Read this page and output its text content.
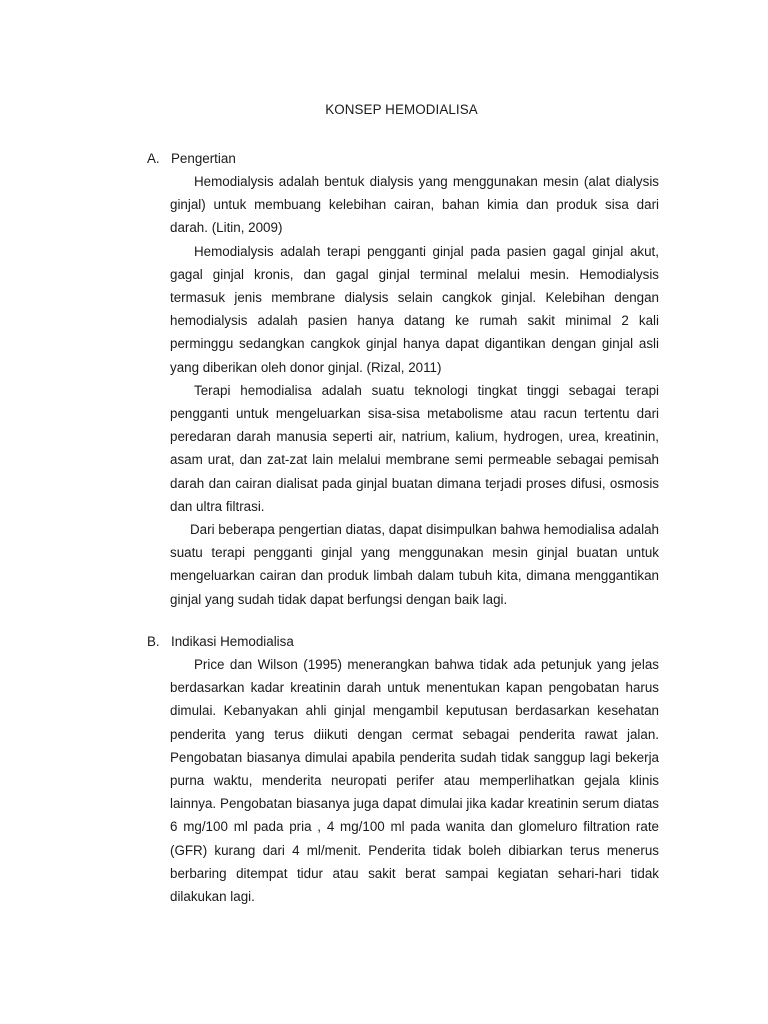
KONSEP HEMODIALISA
A. Pengertian

Hemodialysis adalah bentuk dialysis yang menggunakan mesin (alat dialysis ginjal) untuk membuang kelebihan cairan, bahan kimia dan produk sisa dari darah. (Litin, 2009)

Hemodialysis adalah terapi pengganti ginjal pada pasien gagal ginjal akut, gagal ginjal kronis, dan gagal ginjal terminal melalui mesin. Hemodialysis termasuk jenis membrane dialysis selain cangkok ginjal. Kelebihan dengan hemodialysis adalah pasien hanya datang ke rumah sakit minimal 2 kali perminggu sedangkan cangkok ginjal hanya dapat digantikan dengan ginjal asli yang diberikan oleh donor ginjal. (Rizal, 2011)

Terapi hemodialisa adalah suatu teknologi tingkat tinggi sebagai terapi pengganti untuk mengeluarkan sisa-sisa metabolisme atau racun tertentu dari peredaran darah manusia seperti air, natrium, kalium, hydrogen, urea, kreatinin, asam urat, dan zat-zat lain melalui membrane semi permeable sebagai pemisah darah dan cairan dialisat pada ginjal buatan dimana terjadi proses difusi, osmosis dan ultra filtrasi.

Dari beberapa pengertian diatas, dapat disimpulkan bahwa hemodialisa adalah suatu terapi pengganti ginjal yang menggunakan mesin ginjal buatan untuk mengeluarkan cairan dan produk limbah dalam tubuh kita, dimana menggantikan ginjal yang sudah tidak dapat berfungsi dengan baik lagi.

B. Indikasi Hemodialisa

Price dan Wilson (1995) menerangkan bahwa tidak ada petunjuk yang jelas berdasarkan kadar kreatinin darah untuk menentukan kapan pengobatan harus dimulai. Kebanyakan ahli ginjal mengambil keputusan berdasarkan kesehatan penderita yang terus diikuti dengan cermat sebagai penderita rawat jalan. Pengobatan biasanya dimulai apabila penderita sudah tidak sanggup lagi bekerja purna waktu, menderita neuropati perifer atau memperlihatkan gejala klinis lainnya. Pengobatan biasanya juga dapat dimulai jika kadar kreatinin serum diatas 6 mg/100 ml pada pria , 4 mg/100 ml pada wanita dan glomeluro filtration rate (GFR) kurang dari 4 ml/menit. Penderita tidak boleh dibiarkan terus menerus berbaring ditempat tidur atau sakit berat sampai kegiatan sehari-hari tidak dilakukan lagi.
